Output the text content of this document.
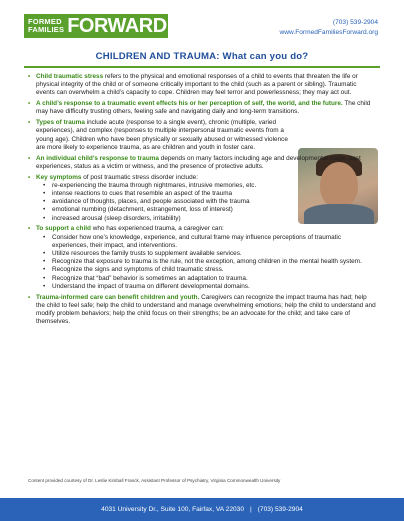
FORMED
FAMILIES FORWARD	(703) 539-2904
www.FormedFamiliesForward.org
CHILDREN AND TRAUMA: What can you do?
• Child traumatic stress refers to the physical and emotional responses of a child to events that threaten the life or physical integrity of the child or of someone critically important to the child (such as a parent or sibling). Traumatic events can overwhelm a child’s capacity to cope. Children may feel terror and powerlessness; they may act out.
• A child’s response to a traumatic event effects his or her perception of self, the world, and the future. The child may have difficulty trusting others, feeling safe and navigating daily and long-term transitions.
• Types of trauma include acute (response to a single event), chronic (multiple, varied experiences), and complex (responses to multiple interpersonal traumatic events from a young age). Children who have been physically or sexually abused or witnessed violence are more likely to experience trauma, as are children and youth in foster care.
• An individual child’s response to trauma depends on many factors including age and developmental stage, past experiences, status as a victim or witness, and the presence of protective adults.
• Key symptoms of post traumatic stress disorder include:
• re-experiencing the trauma through nightmares, intrusive memories, etc.
• intense reactions to cues that resemble an aspect of the trauma
• avoidance of thoughts, places, and people associated with the trauma
• emotional numbing (detachment, estrangement, loss of interest)
• increased arousal (sleep disorders, irritability)
• To support a child who has experienced trauma, a caregiver can:
• Consider how one’s knowledge, experience, and cultural frame may influence perceptions of traumatic experiences, their impact, and interventions.
• Utilize resources the family trusts to supplement available services.
• Recognize that exposure to trauma is the rule, not the exception, among children in the mental health system.
• Recognize the signs and symptoms of child traumatic stress.
• Recognize that “bad” behavior is sometimes an adaptation to trauma.
• Understand the impact of trauma on different developmental domains.
• Trauma-informed care can benefit children and youth. Caregivers can recognize the impact trauma has had; help the child to feel safe; help the child to understand and manage overwhelming emotions; help the child to understand and modify problem behaviors; help the child focus on their strengths; be an advocate for the child; and take care of themselves.
Content provided courtesy of Dr. Leslie Kimball Franck, Assistant Professor of Psychiatry, Virginia Commonwealth University
4031 University Dr., Suite 100, Fairfax, VA 22030 | (703) 539-2904
